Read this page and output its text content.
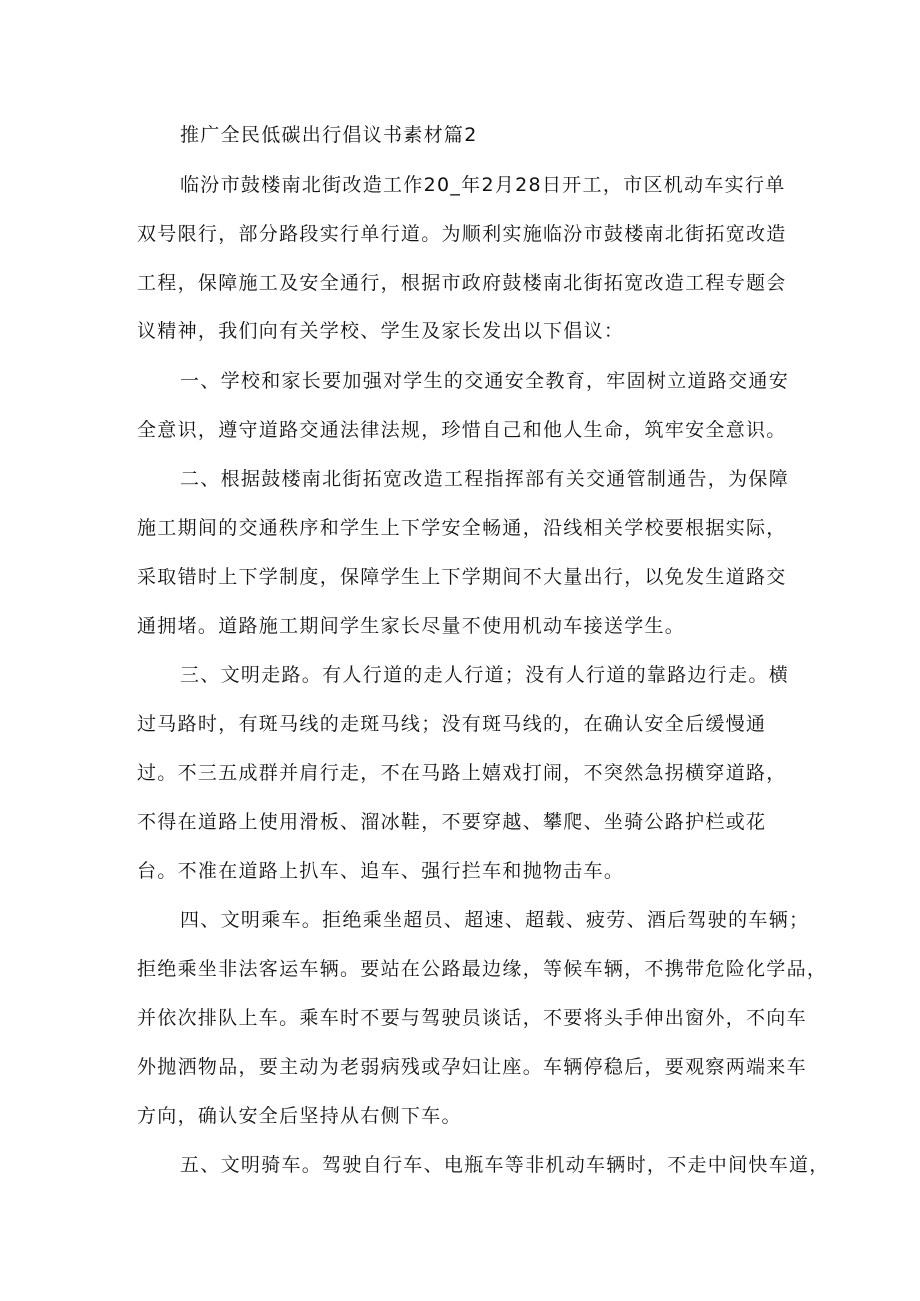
推广全民低碳出行倡议书素材篇2
临汾市鼓楼南北街改造工作20_年2月28日开工，市区机动车实行单
双号限行，部分路段实行单行道。为顺利实施临汾市鼓楼南北街拓宽改造
工程，保障施工及安全通行，根据市政府鼓楼南北街拓宽改造工程专题会
议精神，我们向有关学校、学生及家长发出以下倡议：
一、学校和家长要加强对学生的交通安全教育，牢固树立道路交通安
全意识，遵守道路交通法律法规，珍惜自己和他人生命，筑牢安全意识。
二、根据鼓楼南北街拓宽改造工程指挥部有关交通管制通告，为保障
施工期间的交通秩序和学生上下学安全畅通，沿线相关学校要根据实际，
采取错时上下学制度，保障学生上下学期间不大量出行，以免发生道路交
通拥堵。道路施工期间学生家长尽量不使用机动车接送学生。
三、文明走路。有人行道的走人行道；没有人行道的靠路边行走。横
过马路时，有斑马线的走斑马线；没有斑马线的，在确认安全后缓慢通
过。不三五成群并肩行走，不在马路上嬉戏打闹，不突然急拐横穿道路，
不得在道路上使用滑板、溜冰鞋，不要穿越、攀爬、坐骑公路护栏或花
台。不准在道路上扒车、追车、强行拦车和抛物击车。
四、文明乘车。拒绝乘坐超员、超速、超载、疲劳、酒后驾驶的车辆；
拒绝乘坐非法客运车辆。要站在公路最边缘，等候车辆，不携带危险化学品，
并依次排队上车。乘车时不要与驾驶员谈话，不要将头手伸出窗外，不向车
外抛洒物品，要主动为老弱病残或孕妇让座。车辆停稳后，要观察两端来车
方向，确认安全后坚持从右侧下车。
五、文明骑车。驾驶自行车、电瓶车等非机动车辆时，不走中间快车道，
